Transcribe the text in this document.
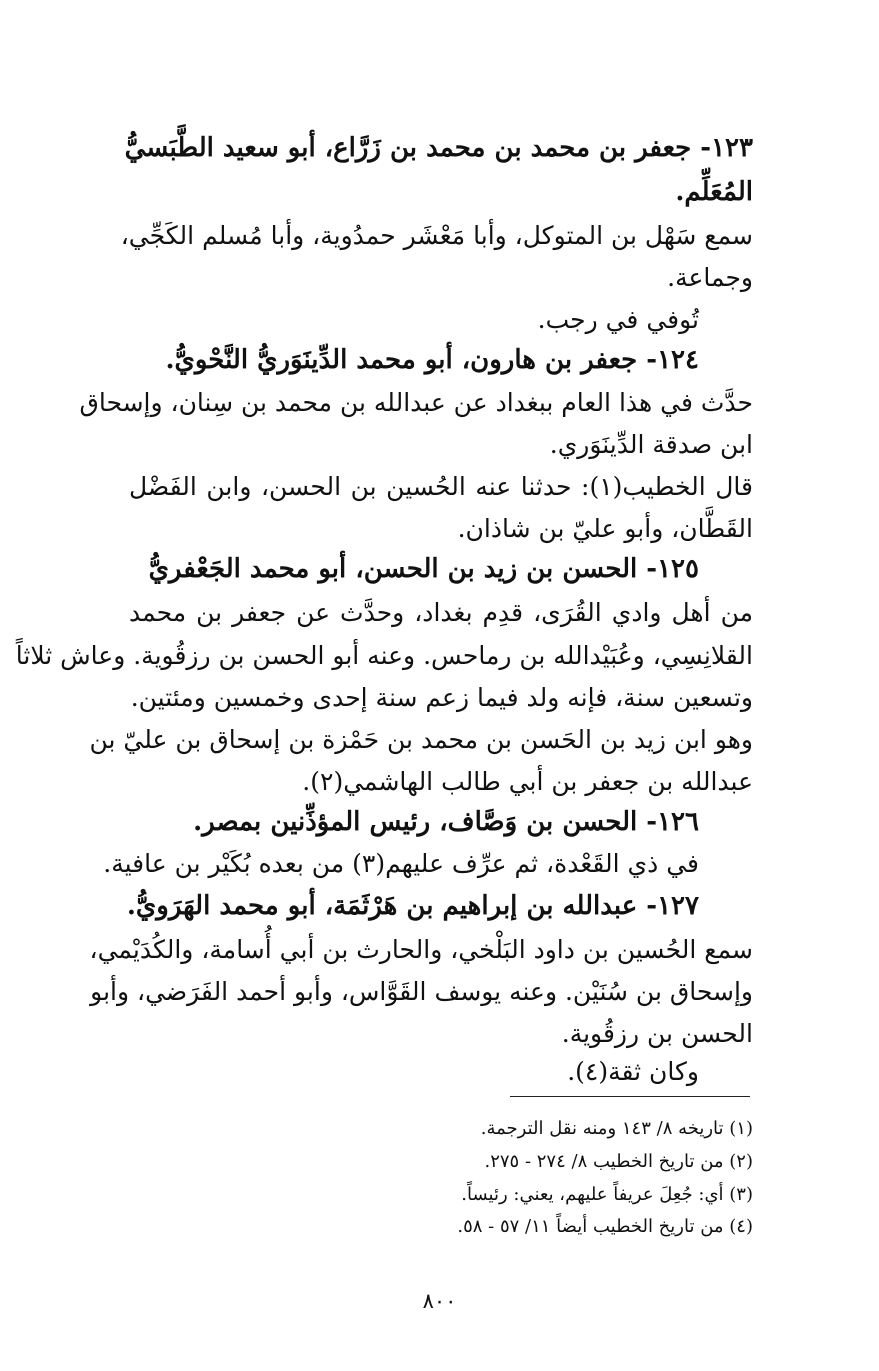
١٢٣- جعفر بن محمد بن محمد بن زَرَّاع، أبو سعيد الطَّبَسيُّ
المُعَلِّم.
سمع سَهْل بن المتوكل، وأبا مَعْشَر حمدُوية، وأبا مُسلم الكَجِّي،
وجماعة.
تُوفي في رجب.
١٢٤- جعفر بن هارون، أبو محمد الدِّينَوَريُّ النَّحْويُّ.
حدَّث في هذا العام ببغداد عن عبدالله بن محمد بن سِنان، وإسحاق
ابن صدقة الدِّينَوَري.
قال الخطيب(١): حدثنا عنه الحُسين بن الحسن، وابن الفَضْل
القَطَّان، وأبو عليّ بن شاذان.
١٢٥- الحسن بن زيد بن الحسن، أبو محمد الجَعْفريُّ
من أهل وادي القُرَى، قدِم بغداد، وحدَّث عن جعفر بن محمد
القلانِسِي، وعُبَيْدالله بن رماحس. وعنه أبو الحسن بن رزقُوية. وعاش ثلاثاً
وتسعين سنة، فإنه ولد فيما زعم سنة إحدى وخمسين ومئتين.
وهو ابن زيد بن الحَسن بن محمد بن حَمْزة بن إسحاق بن عليّ بن
عبدالله بن جعفر بن أبي طالب الهاشمي(٢).
١٢٦- الحسن بن وَصَّاف، رئيس المؤذِّنين بمصر.
في ذي القَعْدة، ثم عرِّف عليهم(٣) من بعده بُكَيْر بن عافية.
١٢٧- عبدالله بن إبراهيم بن هَرْثَمَة، أبو محمد الهَرَويُّ.
سمع الحُسين بن داود البَلْخي، والحارث بن أبي أُسامة، والكُدَيْمي،
وإسحاق بن سُنَيْن. وعنه يوسف القَوَّاس، وأبو أحمد الفَرَضي، وأبو
الحسن بن رزقُوية.
وكان ثقة(٤).
(١) تاريخه ٨/ ١٤٣ ومنه نقل الترجمة.
(٢) من تاريخ الخطيب ٨/ ٢٧٤ - ٢٧٥.
(٣) أي: جُعِلَ عريفاً عليهم، يعني: رئيساً.
(٤) من تاريخ الخطيب أيضاً ١١/ ٥٧ - ٥٨.
٨٠٠
